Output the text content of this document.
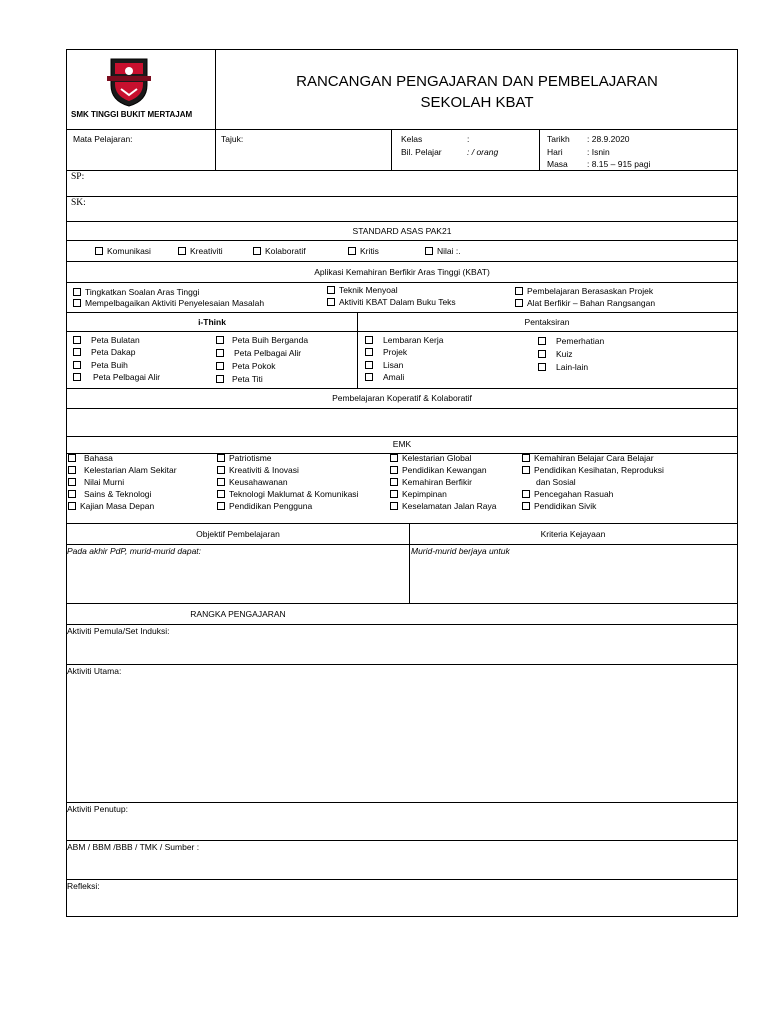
SMK TINGGI BUKIT MERTAJAM
RANCANGAN PENGAJARAN DAN PEMBELAJARAN
SEKOLAH KBAT
Mata Pelajaran:	Tajuk:	Kelas	:
Bil. Pelajar	: / orang
Tarikh : 28.9.2020
Hari	: Isnin
Masa : 8.15 – 915 pagi
SP:
SK:
STANDARD ASAS PAK21
Komunikasi	Kreativiti	Kolaboratif	Kritis	Nilai :.
Aplikasi Kemahiran Berfikir Aras Tinggi (KBAT)
Tingkatkan Soalan Aras Tinggi
Mempelbagaikan Aktiviti Penyelesaian Masalah
Teknik Menyoal
Aktiviti KBAT Dalam Buku Teks
Pembelajaran Berasaskan Projek
Alat Berfikir – Bahan Rangsangan
i-Think	Pentaksiran
Peta Bulatan
Peta Dakap
Peta Buih
Peta Pelbagai Alir
Peta Buih Berganda
Peta Pelbagai Alir
Peta Pokok
Peta Titi
Lembaran Kerja
Projek
Lisan
Amali
Pemerhatian
Kuiz
Lain-lain
Pembelajaran Koperatif & Kolaboratif
EMK
Bahasa
Kelestarian Alam Sekitar
Nilai Murni
Sains & Teknologi
Kajian Masa Depan
Patriotisme
Kreativiti & Inovasi
Keusahawanan
Teknologi Maklumat & Komunikasi
Pendidikan Pengguna
Kelestarian Global
Pendidikan Kewangan
Kemahiran Berfikir
Kepimpinan
Keselamatan Jalan Raya
Kemahiran Belajar Cara Belajar
Pendidikan Kesihatan, Reproduksi
dan Sosial
Pencegahan Rasuah
Pendidikan Sivik
Objektif Pembelajaran	Kriteria Kejayaan
Pada akhir PdP, murid-murid dapat:	Murid-murid berjaya untuk
RANGKA PENGAJARAN
Aktiviti Pemula/Set Induksi:
Aktiviti Utama:
Aktiviti Penutup:
ABM / BBM /BBB / TMK / Sumber :
Refleksi:
